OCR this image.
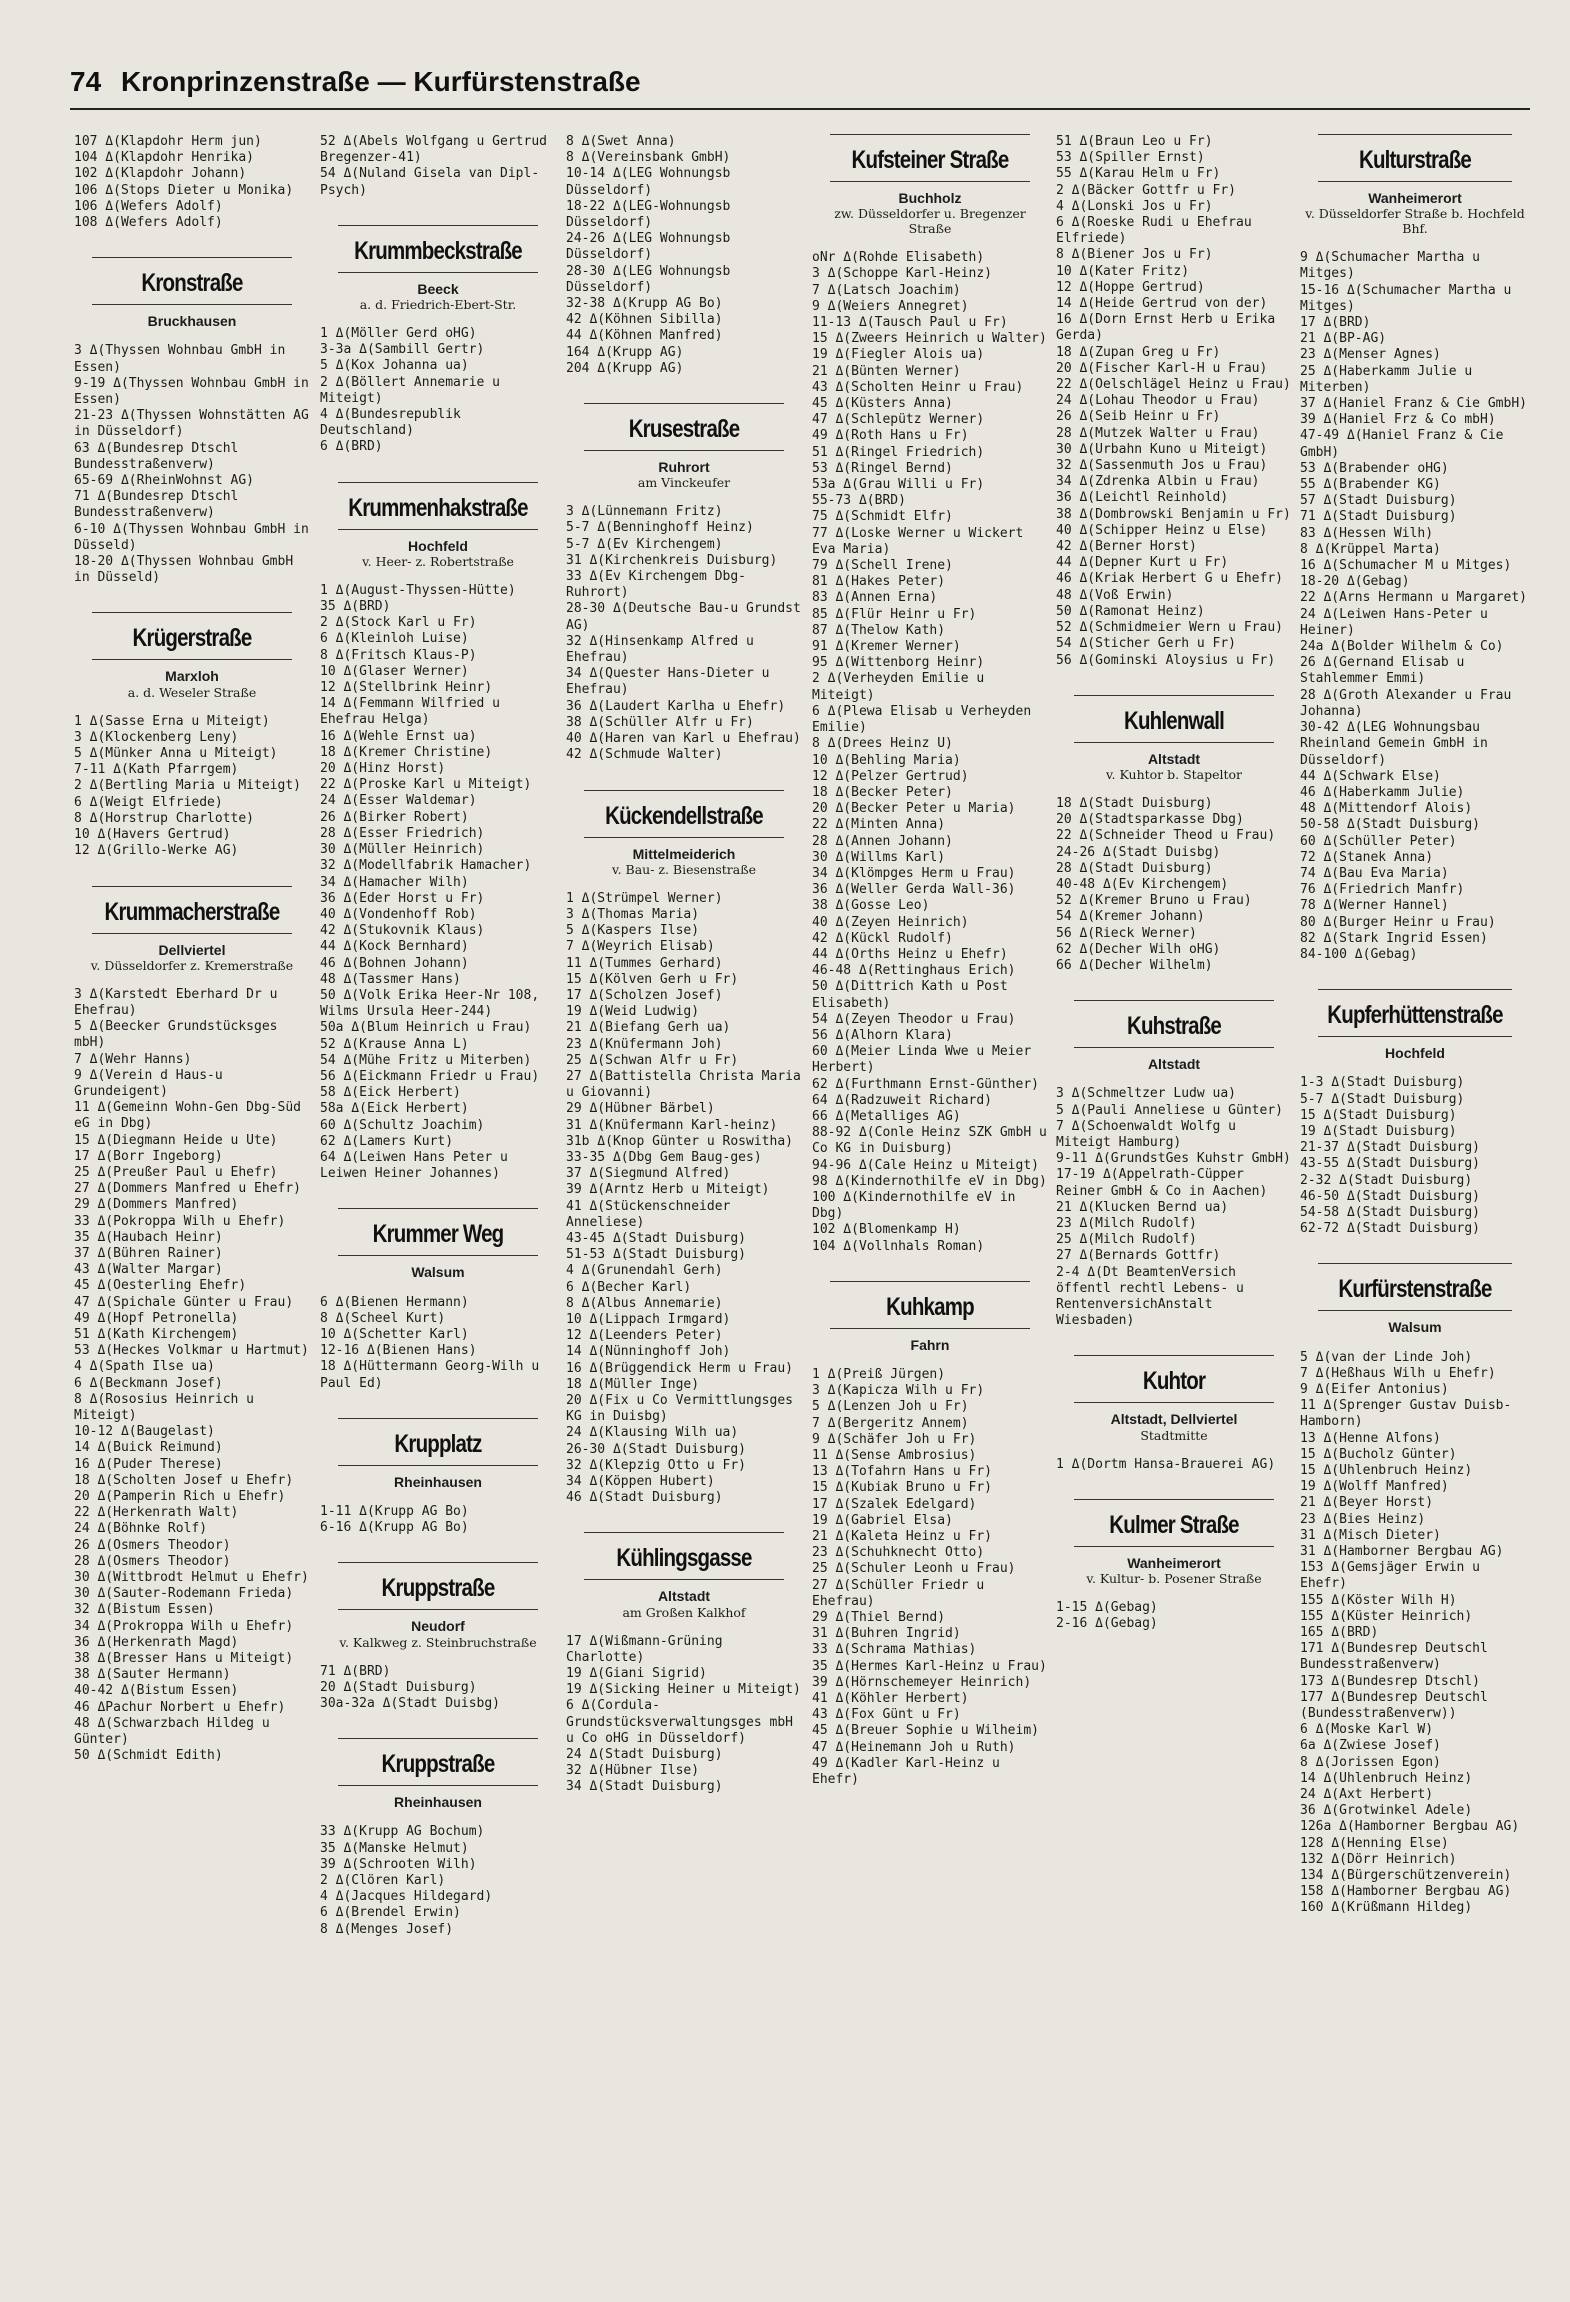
74 Kronprinzenstraße — Kurfürstenstraße
107 Δ(Klapdohr Herm jun)
104 Δ(Klapdohr Henrika)
102 Δ(Klapdohr Johann)
106 Δ(Stops Dieter u Monika)
106 Δ(Wefers Adolf)
108 Δ(Wefers Adolf)
Kronstraße
Bruckhausen
3 Δ(Thyssen Wohnbau GmbH in Essen)
9-19 Δ(Thyssen Wohnbau GmbH in Essen)
21-23 Δ(Thyssen Wohnstätten AG in Düsseldorf)
63 Δ(Bundesrep Dtschl Bundesstraßenverw)
65-69 Δ(RheinWohnst AG)
71 Δ(Bundesrep Dtschl Bundesstraßenverw)
6-10 Δ(Thyssen Wohnbau GmbH in Düsseld)
18-20 Δ(Thyssen Wohnbau GmbH in Düsseld)
Krügerstraße
Marxloh
a. d. Weseler Straße
1 Δ(Sasse Erna u Miteigt)
3 Δ(Klockenberg Leny)
5 Δ(Münker Anna u Miteigt)
7-11 Δ(Kath Pfarrgem)
2 Δ(Bertling Maria u Miteigt)
6 Δ(Weigt Elfriede)
8 Δ(Horstrup Charlotte)
10 Δ(Havers Gertrud)
12 Δ(Grillo-Werke AG)
Krummacherstraße
Dellviertel
v. Düsseldorfer z. Kremerstraße
3 Δ(Karstedt Eberhard Dr u Ehefrau)
5 Δ(Beecker Grundstücksges mbH)
7 Δ(Wehr Hanns)
9 Δ(Verein d Haus-u Grundeigent)
11 Δ(Gemeinn Wohn-Gen Dbg-Süd eG in Dbg)
15 Δ(Diegmann Heide u Ute)
17 Δ(Borr Ingeborg)
25 Δ(Preußer Paul u Ehefr)
27 Δ(Dommers Manfred u Ehefr)
29 Δ(Dommers Manfred)
33 Δ(Pokroppa Wilh u Ehefr)
35 Δ(Haubach Heinr)
37 Δ(Bühren Rainer)
43 Δ(Walter Margar)
45 Δ(Oesterling Ehefr)
47 Δ(Spichale Günter u Frau)
49 Δ(Hopf Petronella)
51 Δ(Kath Kirchengem)
53 Δ(Heckes Volkmar u Hartmut)
4 Δ(Spath Ilse ua)
6 Δ(Beckmann Josef)
8 Δ(Rososius Heinrich u Miteigt)
10-12 Δ(Baugelast)
14 Δ(Buick Reimund)
16 Δ(Puder Therese)
18 Δ(Scholten Josef u Ehefr)
20 Δ(Pamperin Rich u Ehefr)
22 Δ(Herkenrath Walt)
24 Δ(Böhnke Rolf)
26 Δ(Osmers Theodor)
28 Δ(Osmers Theodor)
30 Δ(Wittbrodt Helmut u Ehefr)
30 Δ(Sauter-Rodemann Frieda)
32 Δ(Bistum Essen)
34 Δ(Prokroppa Wilh u Ehefr)
36 Δ(Herkenrath Magd)
38 Δ(Bresser Hans u Miteigt)
38 Δ(Sauter Hermann)
40-42 Δ(Bistum Essen)
46 ΔPachur Norbert u Ehefr)
48 Δ(Schwarzbach Hildeg u Günter)
50 Δ(Schmidt Edith)
52 Δ(Abels Wolfgang u Gertrud Bregenzer-41)
54 Δ(Nuland Gisela van Dipl-Psych)
Krummbeckstraße
Beeck
a. d. Friedrich-Ebert-Str.
1 Δ(Möller Gerd oHG)
3-3a Δ(Sambill Gertr)
5 Δ(Kox Johanna ua)
2 Δ(Böllert Annemarie u Miteigt)
4 Δ(Bundesrepublik Deutschland)
6 Δ(BRD)
Krummenhakstraße
Hochfeld
v. Heer- z. Robertstraße
1 Δ(August-Thyssen-Hütte)
35 Δ(BRD)
2 Δ(Stock Karl u Fr)
6 Δ(Kleinloh Luise)
8 Δ(Fritsch Klaus-P)
10 Δ(Glaser Werner)
12 Δ(Stellbrink Heinr)
14 Δ(Femmann Wilfried u Ehefrau Helga)
16 Δ(Wehle Ernst ua)
18 Δ(Kremer Christine)
20 Δ(Hinz Horst)
22 Δ(Proske Karl u Miteigt)
24 Δ(Esser Waldemar)
26 Δ(Birker Robert)
28 Δ(Esser Friedrich)
30 Δ(Müller Heinrich)
32 Δ(Modellfabrik Hamacher)
34 Δ(Hamacher Wilh)
36 Δ(Eder Horst u Fr)
40 Δ(Vondenhoff Rob)
42 Δ(Stukovnik Klaus)
44 Δ(Kock Bernhard)
46 Δ(Bohnen Johann)
48 Δ(Tassmer Hans)
50 Δ(Volk Erika Heer-Nr 108, Wilms Ursula Heer-244)
50a Δ(Blum Heinrich u Frau)
52 Δ(Krause Anna L)
54 Δ(Mühe Fritz u Miterben)
56 Δ(Eickmann Friedr u Frau)
58 Δ(Eick Herbert)
58a Δ(Eick Herbert)
60 Δ(Schultz Joachim)
62 Δ(Lamers Kurt)
64 Δ(Leiwen Hans Peter u Leiwen Heiner Johannes)
Krummer Weg
Walsum
6 Δ(Bienen Hermann)
8 Δ(Scheel Kurt)
10 Δ(Schetter Karl)
12-16 Δ(Bienen Hans)
18 Δ(Hüttermann Georg-Wilh u Paul Ed)
Krupplatz
Rheinhausen
1-11 Δ(Krupp AG Bo)
6-16 Δ(Krupp AG Bo)
Kruppstraße
Neudorf
v. Kalkweg z. Steinbruchstraße
71 Δ(BRD)
20 Δ(Stadt Duisburg)
30a-32a Δ(Stadt Duisbg)
Kruppstraße
Rheinhausen
33 Δ(Krupp AG Bochum)
35 Δ(Manske Helmut)
39 Δ(Schrooten Wilh)
2 Δ(Clören Karl)
4 Δ(Jacques Hildegard)
6 Δ(Brendel Erwin)
8 Δ(Menges Josef)
8 Δ(Swet Anna)
8 Δ(Vereinsbank GmbH)
10-14 Δ(LEG Wohnungsb Düsseldorf)
18-22 Δ(LEG-Wohnungsb Düsseldorf)
24-26 Δ(LEG Wohnungsb Düsseldorf)
28-30 Δ(LEG Wohnungsb Düsseldorf)
32-38 Δ(Krupp AG Bo)
42 Δ(Köhnen Sibilla)
44 Δ(Köhnen Manfred)
164 Δ(Krupp AG)
204 Δ(Krupp AG)
Krusestraße
Ruhrort
am Vinckeufer
3 Δ(Lünnemann Fritz)
5-7 Δ(Benninghoff Heinz)
5-7 Δ(Ev Kirchengem)
31 Δ(Kirchenkreis Duisburg)
33 Δ(Ev Kirchengem Dbg-Ruhrort)
28-30 Δ(Deutsche Bau-u Grundst AG)
32 Δ(Hinsenkamp Alfred u Ehefrau)
34 Δ(Quester Hans-Dieter u Ehefrau)
36 Δ(Laudert Karlha u Ehefr)
38 Δ(Schüller Alfr u Fr)
40 Δ(Haren van Karl u Ehefrau)
42 Δ(Schmude Walter)
Kückendellstraße
Mittelmeiderich
v. Bau- z. Biesenstraße
1 Δ(Strümpel Werner)
3 Δ(Thomas Maria)
5 Δ(Kaspers Ilse)
7 Δ(Weyrich Elisab)
11 Δ(Tummes Gerhard)
15 Δ(Kölven Gerh u Fr)
17 Δ(Scholzen Josef)
19 Δ(Weid Ludwig)
21 Δ(Biefang Gerh ua)
23 Δ(Knüfermann Joh)
25 Δ(Schwan Alfr u Fr)
27 Δ(Battistella Christa Maria u Giovanni)
29 Δ(Hübner Bärbel)
31 Δ(Knüfermann Karl-heinz)
31b Δ(Knop Günter u Roswitha)
33-35 Δ(Dbg Gem Baug-ges)
37 Δ(Siegmund Alfred)
39 Δ(Arntz Herb u Miteigt)
41 Δ(Stückenschneider Anneliese)
43-45 Δ(Stadt Duisburg)
51-53 Δ(Stadt Duisburg)
4 Δ(Grunendahl Gerh)
6 Δ(Becher Karl)
8 Δ(Albus Annemarie)
10 Δ(Lippach Irmgard)
12 Δ(Leenders Peter)
14 Δ(Nünninghoff Joh)
16 Δ(Brüggendick Herm u Frau)
18 Δ(Müller Inge)
20 Δ(Fix u Co Vermittlungsges KG in Duisbg)
24 Δ(Klausing Wilh ua)
26-30 Δ(Stadt Duisburg)
32 Δ(Klepzig Otto u Fr)
34 Δ(Köppen Hubert)
46 Δ(Stadt Duisburg)
Kühlingsgasse
Altstadt
am Großen Kalkhof
17 Δ(Wißmann-Grüning Charlotte)
19 Δ(Giani Sigrid)
19 Δ(Sicking Heiner u Miteigt)
6 Δ(Cordula-Grundstücksverwaltungsges mbH u Co oHG in Düsseldorf)
24 Δ(Stadt Duisburg)
32 Δ(Hübner Ilse)
34 Δ(Stadt Duisburg)
Kufsteiner Straße
Buchholz
zw. Düsseldorfer u. Bregenzer Straße
oNr Δ(Rohde Elisabeth)
3 Δ(Schoppe Karl-Heinz)
7 Δ(Latsch Joachim)
9 Δ(Weiers Annegret)
11-13 Δ(Tausch Paul u Fr)
15 Δ(Zweers Heinrich u Walter)
19 Δ(Fiegler Alois ua)
21 Δ(Bünten Werner)
43 Δ(Scholten Heinr u Frau)
45 Δ(Küsters Anna)
47 Δ(Schlepütz Werner)
49 Δ(Roth Hans u Fr)
51 Δ(Ringel Friedrich)
53 Δ(Ringel Bernd)
53a Δ(Grau Willi u Fr)
55-73 Δ(BRD)
75 Δ(Schmidt Elfr)
77 Δ(Loske Werner u Wickert Eva Maria)
79 Δ(Schell Irene)
81 Δ(Hakes Peter)
83 Δ(Annen Erna)
85 Δ(Flür Heinr u Fr)
87 Δ(Thelow Kath)
91 Δ(Kremer Werner)
95 Δ(Wittenborg Heinr)
2 Δ(Verheyden Emilie u Miteigt)
6 Δ(Plewa Elisab u Verheyden Emilie)
8 Δ(Drees Heinz U)
10 Δ(Behling Maria)
12 Δ(Pelzer Gertrud)
18 Δ(Becker Peter)
20 Δ(Becker Peter u Maria)
22 Δ(Minten Anna)
28 Δ(Annen Johann)
30 Δ(Willms Karl)
34 Δ(Klömpges Herm u Frau)
36 Δ(Weller Gerda Wall-36)
38 Δ(Gosse Leo)
40 Δ(Zeyen Heinrich)
42 Δ(Kückl Rudolf)
44 Δ(Orths Heinz u Ehefr)
46-48 Δ(Rettinghaus Erich)
50 Δ(Dittrich Kath u Post Elisabeth)
54 Δ(Zeyen Theodor u Frau)
56 Δ(Alhorn Klara)
60 Δ(Meier Linda Wwe u Meier Herbert)
62 Δ(Furthmann Ernst-Günther)
64 Δ(Radzuweit Richard)
66 Δ(Metalliges AG)
88-92 Δ(Conle Heinz SZK GmbH u Co KG in Duisburg)
94-96 Δ(Cale Heinz u Miteigt)
98 Δ(Kindernothilfe eV in Dbg)
100 Δ(Kindernothilfe eV in Dbg)
102 Δ(Blomenkamp H)
104 Δ(Vollnhals Roman)
Kuhkamp
Fahrn
1 Δ(Preiß Jürgen)
3 Δ(Kapicza Wilh u Fr)
5 Δ(Lenzen Joh u Fr)
7 Δ(Bergeritz Annem)
9 Δ(Schäfer Joh u Fr)
11 Δ(Sense Ambrosius)
13 Δ(Tofahrn Hans u Fr)
15 Δ(Kubiak Bruno u Fr)
17 Δ(Szalek Edelgard)
19 Δ(Gabriel Elsa)
21 Δ(Kaleta Heinz u Fr)
23 Δ(Schuhknecht Otto)
25 Δ(Schuler Leonh u Frau)
27 Δ(Schüller Friedr u Ehefrau)
29 Δ(Thiel Bernd)
31 Δ(Buhren Ingrid)
33 Δ(Schrama Mathias)
35 Δ(Hermes Karl-Heinz u Frau)
39 Δ(Hörnschemeyer Heinrich)
41 Δ(Köhler Herbert)
43 Δ(Fox Günt u Fr)
45 Δ(Breuer Sophie u Wilheim)
47 Δ(Heinemann Joh u Ruth)
49 Δ(Kadler Karl-Heinz u Ehefr)
51 Δ(Braun Leo u Fr)
53 Δ(Spiller Ernst)
55 Δ(Karau Helm u Fr)
2 Δ(Bäcker Gottfr u Fr)
4 Δ(Lonski Jos u Fr)
6 Δ(Roeske Rudi u Ehefrau Elfriede)
8 Δ(Biener Jos u Fr)
10 Δ(Kater Fritz)
12 Δ(Hoppe Gertrud)
14 Δ(Heide Gertrud von der)
16 Δ(Dorn Ernst Herb u Erika Gerda)
18 Δ(Zupan Greg u Fr)
20 Δ(Fischer Karl-H u Frau)
22 Δ(Oelschlägel Heinz u Frau)
24 Δ(Lohau Theodor u Frau)
26 Δ(Seib Heinr u Fr)
28 Δ(Mutzek Walter u Frau)
30 Δ(Urbahn Kuno u Miteigt)
32 Δ(Sassenmuth Jos u Frau)
34 Δ(Zdrenka Albin u Frau)
36 Δ(Leichtl Reinhold)
38 Δ(Dombrowski Benjamin u Fr)
40 Δ(Schipper Heinz u Else)
42 Δ(Berner Horst)
44 Δ(Depner Kurt u Fr)
46 Δ(Kriak Herbert G u Ehefr)
48 Δ(Voß Erwin)
50 Δ(Ramonat Heinz)
52 Δ(Schmidmeier Wern u Frau)
54 Δ(Sticher Gerh u Fr)
56 Δ(Gominski Aloysius u Fr)
Kuhlenwall
Altstadt
v. Kuhtor b. Stapeltor
18 Δ(Stadt Duisburg)
20 Δ(Stadtsparkasse Dbg)
22 Δ(Schneider Theod u Frau)
24-26 Δ(Stadt Duisbg)
28 Δ(Stadt Duisburg)
40-48 Δ(Ev Kirchengem)
52 Δ(Kremer Bruno u Frau)
54 Δ(Kremer Johann)
56 Δ(Rieck Werner)
62 Δ(Decher Wilh oHG)
66 Δ(Decher Wilhelm)
Kuhstraße
Altstadt
3 Δ(Schmeltzer Ludw ua)
5 Δ(Pauli Anneliese u Günter)
7 Δ(Schoenwaldt Wolfg u Miteigt Hamburg)
9-11 Δ(GrundstGes Kuhstr GmbH)
17-19 Δ(Appelrath-Cüpper Reiner GmbH & Co in Aachen)
21 Δ(Klucken Bernd ua)
23 Δ(Milch Rudolf)
25 Δ(Milch Rudolf)
27 Δ(Bernards Gottfr)
2-4 Δ(Dt BeamtenVersich öffentl rechtl Lebens- u RentenversichAnstalt Wiesbaden)
Kuhtor
Altstadt, Dellviertel
Stadtmitte
1 Δ(Dortm Hansa-Brauerei AG)
Kulmer Straße
Wanheimerort
v. Kultur- b. Posener Straße
1-15 Δ(Gebag)
2-16 Δ(Gebag)
Kulturstraße
Wanheimerort
v. Düsseldorfer Straße b. Hochfeld Bhf.
9 Δ(Schumacher Martha u Mitges)
15-16 Δ(Schumacher Martha u Mitges)
17 Δ(BRD)
21 Δ(BP-AG)
23 Δ(Menser Agnes)
25 Δ(Haberkamm Julie u Miterben)
37 Δ(Haniel Franz & Cie GmbH)
39 Δ(Haniel Frz & Co mbH)
47-49 Δ(Haniel Franz & Cie GmbH)
53 Δ(Brabender oHG)
55 Δ(Brabender KG)
57 Δ(Stadt Duisburg)
71 Δ(Stadt Duisburg)
83 Δ(Hessen Wilh)
8 Δ(Krüppel Marta)
16 Δ(Schumacher M u Mitges)
18-20 Δ(Gebag)
22 Δ(Arns Hermann u Margaret)
24 Δ(Leiwen Hans-Peter u Heiner)
24a Δ(Bolder Wilhelm & Co)
26 Δ(Gernand Elisab u Stahlemmer Emmi)
28 Δ(Groth Alexander u Frau Johanna)
30-42 Δ(LEG Wohnungsbau Rheinland Gemein GmbH in Düsseldorf)
44 Δ(Schwark Else)
46 Δ(Haberkamm Julie)
48 Δ(Mittendorf Alois)
50-58 Δ(Stadt Duisburg)
60 Δ(Schüller Peter)
72 Δ(Stanek Anna)
74 Δ(Bau Eva Maria)
76 Δ(Friedrich Manfr)
78 Δ(Werner Hannel)
80 Δ(Burger Heinr u Frau)
82 Δ(Stark Ingrid Essen)
84-100 Δ(Gebag)
Kupferhüttenstraße
Hochfeld
1-3 Δ(Stadt Duisburg)
5-7 Δ(Stadt Duisburg)
15 Δ(Stadt Duisburg)
19 Δ(Stadt Duisburg)
21-37 Δ(Stadt Duisburg)
43-55 Δ(Stadt Duisburg)
2-32 Δ(Stadt Duisburg)
46-50 Δ(Stadt Duisburg)
54-58 Δ(Stadt Duisburg)
62-72 Δ(Stadt Duisburg)
Kurfürstenstraße
Walsum
5 Δ(van der Linde Joh)
7 Δ(Heßhaus Wilh u Ehefr)
9 Δ(Eifer Antonius)
11 Δ(Sprenger Gustav Duisb-Hamborn)
13 Δ(Henne Alfons)
15 Δ(Bucholz Günter)
15 Δ(Uhlenbruch Heinz)
19 Δ(Wolff Manfred)
21 Δ(Beyer Horst)
23 Δ(Bies Heinz)
31 Δ(Misch Dieter)
31 Δ(Hamborner Bergbau AG)
153 Δ(Gemsjäger Erwin u Ehefr)
155 Δ(Köster Wilh H)
155 Δ(Küster Heinrich)
165 Δ(BRD)
171 Δ(Bundesrep Deutschl Bundesstraßenverw)
173 Δ(Bundesrep Dtschl)
177 Δ(Bundesrep Deutschl (Bundesstraßenverw))
6 Δ(Moske Karl W)
6a Δ(Zwiese Josef)
8 Δ(Jorissen Egon)
14 Δ(Uhlenbruch Heinz)
24 Δ(Axt Herbert)
36 Δ(Grotwinkel Adele)
126a Δ(Hamborner Bergbau AG)
128 Δ(Henning Else)
132 Δ(Dörr Heinrich)
134 Δ(Bürgerschützenverein)
158 Δ(Hamborner Bergbau AG)
160 Δ(Krüßmann Hildeg)
